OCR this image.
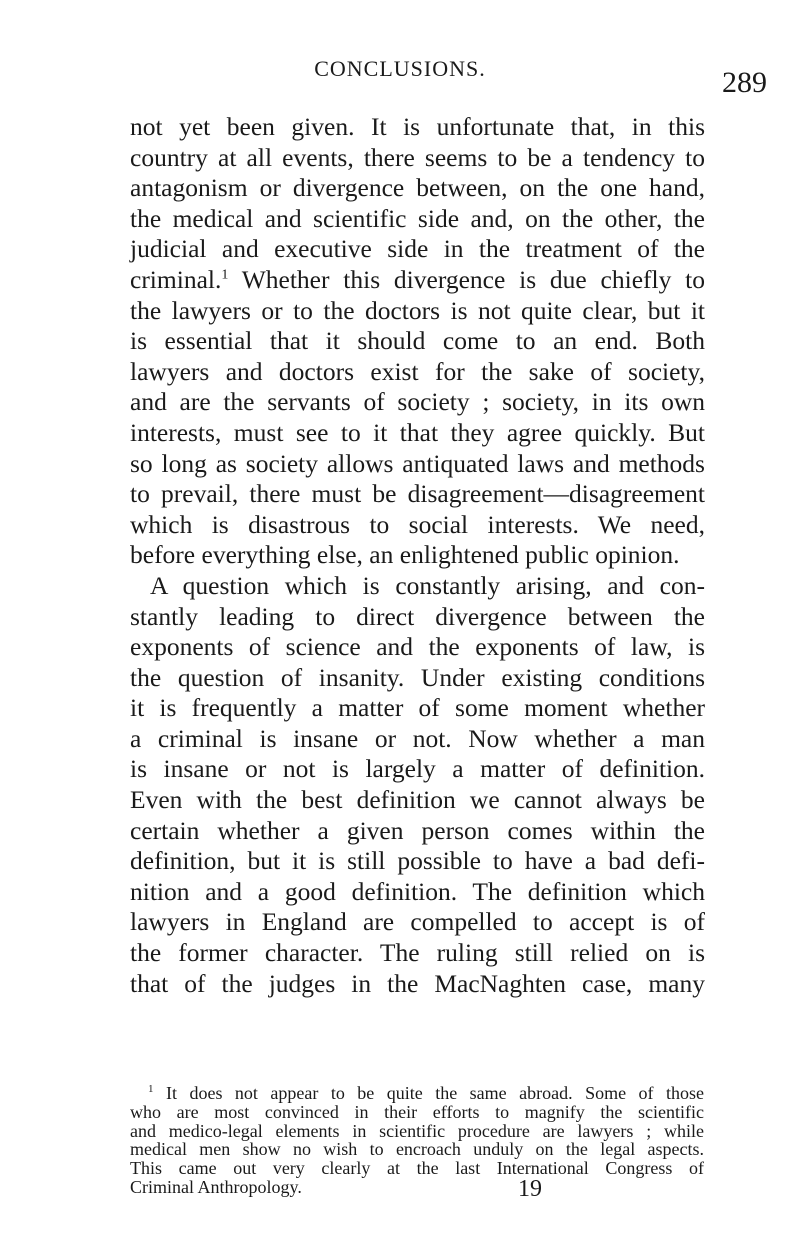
CONCLUSIONS.	289
not yet been given. It is unfortunate that, in this
country at all events, there seems to be a tendency to
antagonism or divergence between, on the one hand,
the medical and scientific side and, on the other, the
judicial and executive side in the treatment of the
criminal.$^1$ Whether this divergence is due chiefly to
the lawyers or to the doctors is not quite clear, but it
is essential that it should come to an end. Both
lawyers and doctors exist for the sake of society,
and are the servants of society ; society, in its own
interests, must see to it that they agree quickly. But
so long as society allows antiquated laws and methods
to prevail, there must be disagreement—disagreement
which is disastrous to social interests. We need,
before everything else, an enlightened public opinion.
A question which is constantly arising, and con-
stantly leading to direct divergence between the
exponents of science and the exponents of law, is
the question of insanity. Under existing conditions
it is frequently a matter of some moment whether
a criminal is insane or not. Now whether a man
is insane or not is largely a matter of definition.
Even with the best definition we cannot always be
certain whether a given person comes within the
definition, but it is still possible to have a bad defi-
nition and a good definition. The definition which
lawyers in England are compelled to accept is of
the former character. The ruling still relied on is
that of the judges in the MacNaghten case, many
$^1$ It does not appear to be quite the same abroad. Some of those
who are most convinced in their efforts to magnify the scientific
and medico-legal elements in scientific procedure are lawyers ; while
medical men show no wish to encroach unduly on the legal aspects.
This came out very clearly at the last International Congress of
Criminal Anthropology.	19
